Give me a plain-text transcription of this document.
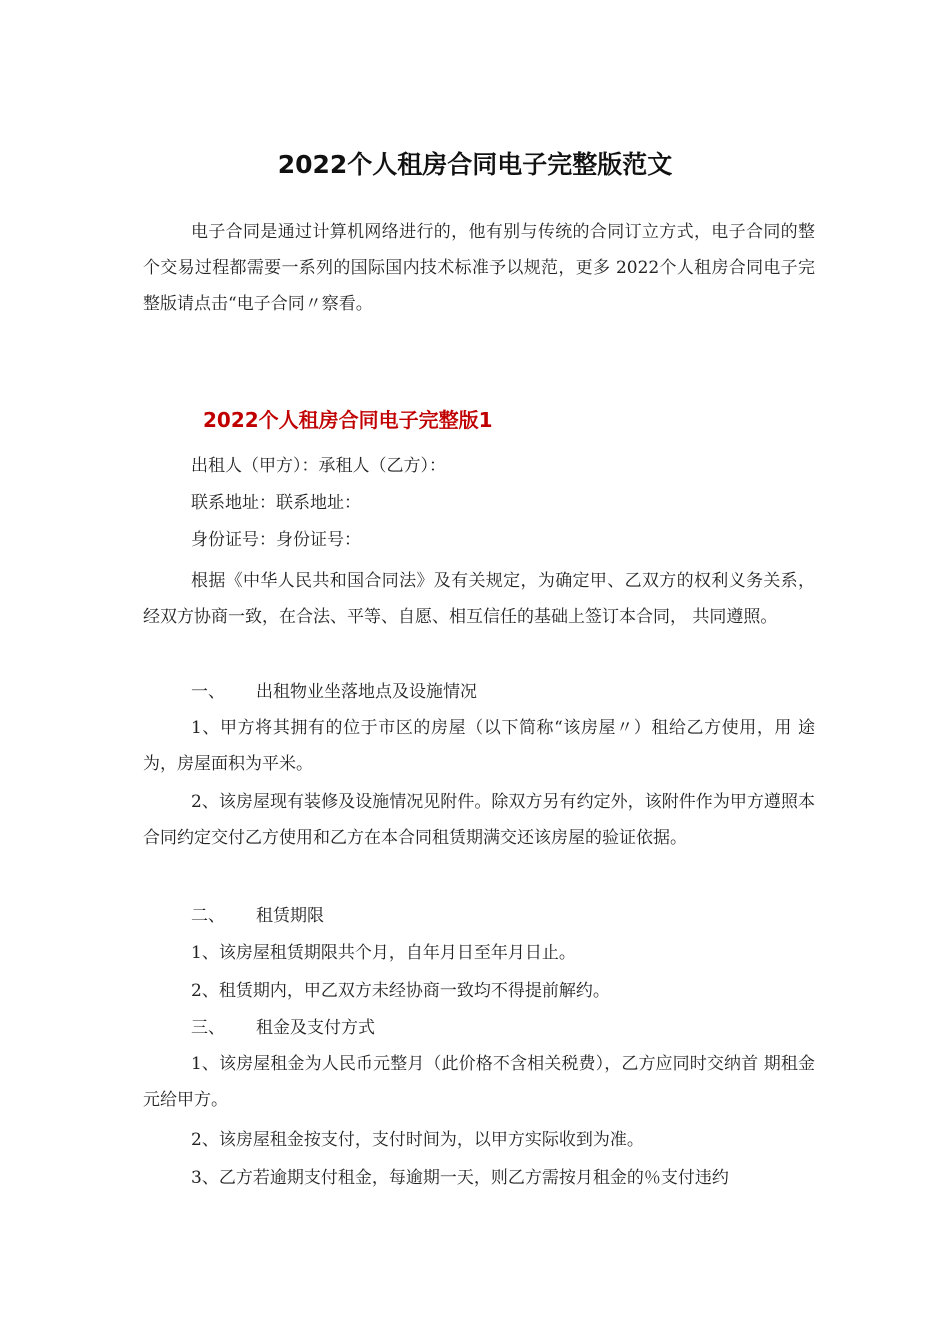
2022个人租房合同电子完整版范文

电子合同是通过计算机网络进行的，他有别与传统的合同订立方式，电子合同的整个交易过程都需要一系列的国际国内技术标准予以规范，更多 2022个人租房合同电子完整版请点击“电子合同〃察看。

2022个人租房合同电子完整版1

出租人（甲方）：承租人（乙方）：

联系地址：联系地址：

身份证号：身份证号：

根据《中华人民共和国合同法》及有关规定，为确定甲、乙双方的权利义务关系，经双方协商一致，在合法、平等、自愿、相互信任的基础上签订本合同， 共同遵照。

一、 出租物业坐落地点及设施情况

1、甲方将其拥有的位于市区的房屋（以下简称“该房屋〃）租给乙方使用，用 途为，房屋面积为平米。

2、该房屋现有装修及设施情况见附件。除双方另有约定外，该附件作为甲方遵照本合同约定交付乙方使用和乙方在本合同租赁期满交还该房屋的验证依据。

二、 租赁期限

1、该房屋租赁期限共个月，自年月日至年月日止。

2、租赁期内，甲乙双方未经协商一致均不得提前解约。

三、 租金及支付方式

1、该房屋租金为人民币元整月（此价格不含相关税费），乙方应同时交纳首 期租金元给甲方。

2、该房屋租金按支付，支付时间为，以甲方实际收到为准。

3、乙方若逾期支付租金，每逾期一天，则乙方需按月租金的％支付违约
